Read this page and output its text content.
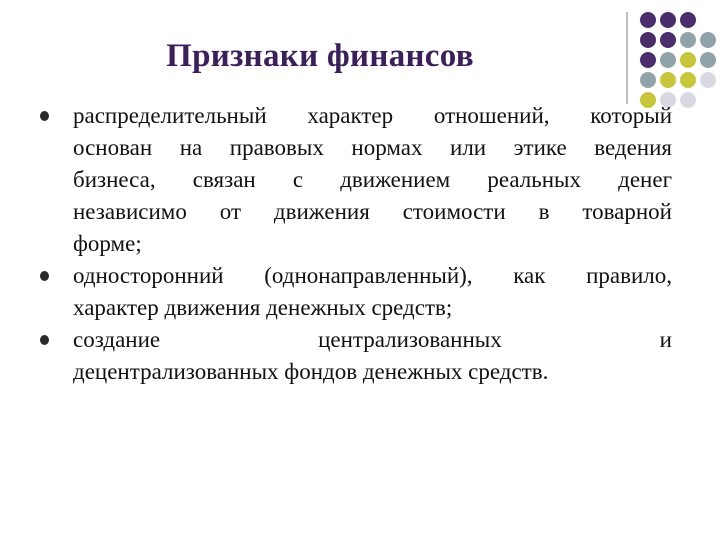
Признаки финансов
распределительный характер отношений, который
основан на правовых нормах или этике ведения
бизнеса, связан с движением реальных денег
независимо от движения стоимости в товарной
форме;
односторонний (однонаправленный), как правило,
характер движения денежных средств;
создание централизованных и
децентрализованных фондов денежных средств.
